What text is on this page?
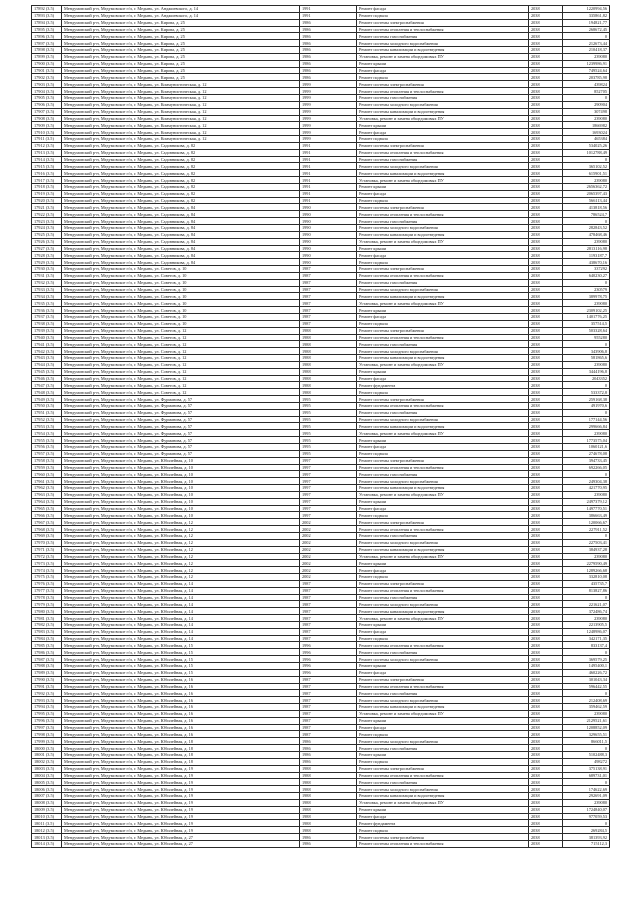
17892 (3.5)	Мендумовский р-н, Медумовское г/п, г. Медынь, ул. Анджиевского, д. 14	1991	Ремонт фасада	2038	1220994,56
17893 (3.5)	Мендумовский р-н, Медумовское г/п, г. Медынь, ул. Анджиевского, д. 14	1991	Ремонт подвала	2038	335861,82
17894 (3.5)	Мендумовский р-н, Медумовское г/п, г. Медынь, ул. Кирова, д. 25	1986	Ремонт системы электроснабжения	2038	194821,77
17895 (3.5)	Мендумовский р-н, Медумовское г/п, г. Медынь, ул. Кирова, д. 25	1986	Ремонт системы отопления и теплоснабжения	2038	268672,45
17896 (3.5)	Мендумовский р-н, Медумовское г/п, г. Медынь, ул. Кирова, д. 25	1986	Ремонт системы газоснабжения	2038	0
17897 (3.5)	Мендумовский р-н, Медумовское г/п, г. Медынь, ул. Кирова, д. 25	1986	Ремонт системы холодного водоснабжения	2038	212673,44
17898 (3.5)	Мендумовский р-н, Медумовское г/п, г. Медынь, ул. Кирова, д. 25	1986	Ремонт системы канализации и водоотведения	2038	210418,37
17899 (3.5)	Мендумовский р-н, Медумовское г/п, г. Медынь, ул. Кирова, д. 25	1986	Установка, ремонт и замена общедомовых ПУ	2038	239080
17900 (3.5)	Мендумовский р-н, Медумовское г/п, г. Медынь, ул. Кирова, д. 25	1986	Ремонт крыши	2038	1239986,91
17901 (3.5)	Мендумовский р-н, Медумовское г/п, г. Медынь, ул. Кирова, д. 25	1986	Ремонт фасада	2038	749524,64
17902 (3.5)	Мендумовский р-н, Медумовское г/п, г. Медынь, ул. Кирова, д. 25	1986	Ремонт подвала	2038	203785,98
17903 (3.5)	Мендумовский р-н, Медумовское г/п, г. Медынь, ул. Коммунистическая, д. 12	1999	Ремонт системы электроснабжения	2038	439824
17904 (3.5)	Мендумовский р-н, Медумовское г/п, г. Медынь, ул. Коммунистическая, д. 12	1999	Ремонт системы отопления и теплоснабжения	2038	852705
17905 (3.5)	Мендумовский р-н, Медумовское г/п, г. Медынь, ул. Коммунистическая, д. 12	1999	Ремонт системы газоснабжения	2038	0
17906 (3.5)	Мендумовский р-н, Медумовское г/п, г. Медынь, ул. Коммунистическая, д. 12	1999	Ремонт системы холодного водоснабжения	2038	290904
17907 (3.5)	Мендумовский р-н, Медумовское г/п, г. Медынь, ул. Коммунистическая, д. 12	1999	Ремонт системы канализации и водоотведения	2038	307498
17908 (3.5)	Мендумовский р-н, Медумовское г/п, г. Медынь, ул. Коммунистическая, д. 12	1999	Установка, ремонт и замена общедомовых ПУ	2038	239080
17909 (3.5)	Мендумовский р-н, Медумовское г/п, г. Медынь, ул. Коммунистическая, д. 12	1999	Ремонт крыши	2038	1866982
17910 (3.5)	Мендумовский р-н, Медумовское г/п, г. Медынь, ул. Коммунистическая, д. 12	1999	Ремонт фасада	2038	1693024
17911 (3.5)	Мендумовский р-н, Медумовское г/п, г. Медынь, ул. Коммунистическая, д. 12	1999	Ремонт подвала	2038	465384
17912 (3.5)	Мендумовский р-н, Медумовское г/п, г. Медынь, ул. Садовникова, д. 82	1991	Ремонт системы электроснабжения	2038	534025,26
17913 (3.5)	Мендумовский р-н, Медумовское г/п, г. Медынь, ул. Садовникова, д. 82	1991	Ремонт системы отопления и теплоснабжения	2038	1012788,49
17914 (3.5)	Мендумовский р-н, Медумовское г/п, г. Медынь, ул. Садовникова, д. 82	1991	Ремонт системы газоснабжения	2038	0
17915 (3.5)	Мендумовский р-н, Медумовское г/п, г. Медынь, ул. Садовникова, д. 82	1991	Ремонт системы холодного водоснабжения	2038	365102,52
17916 (3.5)	Мендумовский р-н, Медумовское г/п, г. Медынь, ул. Садовникова, д. 82	1991	Ремонт системы канализации и водоотведения	2038	615901,51
17917 (3.5)	Мендумовский р-н, Медумовское г/п, г. Медынь, ул. Садовникова, д. 82	1991	Установка, ремонт и замена общедомовых ПУ	2038	239080
17918 (3.5)	Мендумовский р-н, Медумовское г/п, г. Медынь, ул. Садовникова, д. 82	1991	Ремонт крыши	2038	2656362,72
17919 (3.5)	Мендумовский р-н, Медумовское г/п, г. Медынь, ул. Садовникова, д. 82	1991	Ремонт фасада	2038	2065397,43
17920 (3.5)	Мендумовский р-н, Медумовское г/п, г. Медынь, ул. Садовникова, д. 82	1991	Ремонт подвала	2038	566113,44
17921 (3.5)	Мендумовский р-н, Медумовское г/п, г. Медынь, ул. Садовникова, д. 84	1990	Ремонт системы электроснабжения	2038	413818,56
17922 (3.5)	Мендумовский р-н, Медумовское г/п, г. Медынь, ул. Садовникова, д. 84	1990	Ремонт системы отопления и теплоснабжения	2038	786524,7
17923 (3.5)	Мендумовский р-н, Медумовское г/п, г. Медынь, ул. Садовникова, д. 84	1990	Ремонт системы газоснабжения	2038	0
17924 (3.5)	Мендумовский р-н, Медумовское г/п, г. Медынь, ул. Садовникова, д. 84	1990	Ремонт системы холодного водоснабжения	2038	282843,52
17925 (3.5)	Мендумовский р-н, Медумовское г/п, г. Медынь, ул. Садовникова, д. 84	1990	Ремонт системы канализации и водоотведения	2038	478468,46
17926 (3.5)	Мендумовский р-н, Медумовское г/п, г. Медынь, ул. Садовникова, д. 84	1990	Установка, ремонт и замена общедомовых ПУ	2038	239080
17927 (3.5)	Мендумовский р-н, Медумовское г/п, г. Медынь, ул. Садовникова, д. 84	1990	Ремонт крыши	2038	2813116,98
17928 (3.5)	Мендумовский р-н, Медумовское г/п, г. Медынь, ул. Садовникова, д. 84	1990	Ремонт фасада	2038	1193187,7
17929 (3.5)	Мендумовский р-н, Медумовское г/п, г. Медынь, ул. Садовникова, д. 84	1990	Ремонт подвала	2038	438670,16
17930 (3.5)	Мендумовский р-н, Медумовское г/п, г. Медынь, ул. Советов, д. 10	1987	Ремонт системы электроснабжения	2038	337292
17931 (3.5)	Мендумовский р-н, Медумовское г/п, г. Медынь, ул. Советов, д. 10	1987	Ремонт системы отопления и теплоснабжения	2038	640230,27
17932 (3.5)	Мендумовский р-н, Медумовское г/п, г. Медынь, ул. Советов, д. 10	1987	Ремонт системы газоснабжения	2038	0
17933 (3.5)	Мендумовский р-н, Медумовское г/п, г. Медынь, ул. Советов, д. 10	1987	Ремонт системы холодного водоснабжения	2038	230579
17934 (3.5)	Мендумовский р-н, Медумовское г/п, г. Медынь, ул. Советов, д. 10	1987	Ремонт системы канализации и водоотведения	2038	389978,75
17935 (3.5)	Мендумовский р-н, Медумовское г/п, г. Медынь, ул. Советов, д. 10	1987	Установка, ремонт и замена общедомовых ПУ	2038	239080
17936 (3.5)	Мендумовский р-н, Медумовское г/п, г. Медынь, ул. Советов, д. 10	1987	Ремонт крыши	2038	2309102,25
17937 (3.5)	Мендумовский р-н, Медумовское г/п, г. Медынь, ул. Советов, д. 10	1987	Ремонт фасада	2038	1401776,25
17938 (3.5)	Мендумовский р-н, Медумовское г/п, г. Медынь, ул. Советов, д. 10	1987	Ремонт подвала	2038	357514,5
17939 (3.5)	Мендумовский р-н, Медумовское г/п, г. Медынь, ул. Советов, д. 12	1988	Ремонт системы электроснабжения	2038	503328,64
17940 (3.5)	Мендумовский р-н, Медумовское г/п, г. Медынь, ул. Советов, д. 12	1988	Ремонт системы отопления и теплоснабжения	2038	955280
17941 (3.5)	Мендумовский р-н, Медумовское г/п, г. Медынь, ул. Советов, д. 12	1988	Ремонт системы газоснабжения	2038	0
17942 (3.5)	Мендумовский р-н, Медумовское г/п, г. Медынь, ул. Советов, д. 12	1988	Ремонт системы холодного водоснабжения	2038	343906,8
17943 (3.5)	Мендумовский р-н, Медумовское г/п, г. Медынь, ул. Советов, д. 12	1988	Ремонт системы канализации и водоотведения	2038	581865,6
17944 (3.5)	Мендумовский р-н, Медумовское г/п, г. Медынь, ул. Советов, д. 12	1988	Установка, ремонт и замена общедомовых ПУ	2038	239080
17945 (3.5)	Мендумовский р-н, Медумовское г/п, г. Медынь, ул. Советов, д. 12	1988	Ремонт крыши	2038	3444196,8
17946 (3.5)	Мендумовский р-н, Медумовское г/п, г. Медынь, ул. Советов, д. 12	1988	Ремонт фасада	2038	2043352
17947 (3.5)	Мендумовский р-н, Медумовское г/п, г. Медынь, ул. Советов, д. 12	1988	Ремонт фундамента	2038	0
17948 (3.5)	Мендумовский р-н, Медумовское г/п, г. Медынь, ул. Советов, д. 12	1988	Ремонт подвала	2038	533372,8
17949 (3.5)	Мендумовский р-н, Медумовское г/п, г. Медынь, ул. Фурманова, д. 57	1995	Ремонт системы электроснабжения	2038	259168,38
17950 (3.5)	Мендумовский р-н, Медумовское г/п, г. Медынь, ул. Фурманова, д. 57	1995	Ремонт системы отопления и теплоснабжения	2038	491970,6
17951 (3.5)	Мендумовский р-н, Медумовское г/п, г. Медынь, ул. Фурманова, д. 57	1995	Ремонт системы газоснабжения	2038	0
17952 (3.5)	Мендумовский р-н, Медумовское г/п, г. Медынь, ул. Фурманова, д. 57	1995	Ремонт системы холодного водоснабжения	2038	177144,56
17953 (3.5)	Мендумовский р-н, Медумовское г/п, г. Медынь, ул. Фурманова, д. 57	1995	Ремонт системы канализации и водоотведения	2038	299666,84
17954 (3.5)	Мендумовский р-н, Медумовское г/п, г. Медынь, ул. Фурманова, д. 57	1995	Установка, ремонт и замена общедомовых ПУ	2038	239080
17955 (3.5)	Мендумовский р-н, Медумовское г/п, г. Медынь, ул. Фурманова, д. 57	1995	Ремонт крыши	2038	1773575,04
17956 (3.5)	Мендумовский р-н, Медумовское г/п, г. Медынь, ул. Фурманова, д. 57	1995	Ремонт фасада	2038	1060121,6
17957 (3.5)	Мендумовский р-н, Медумовское г/п, г. Медынь, ул. Фурманова, д. 57	1995	Ремонт подвала	2038	274678,08
17958 (3.5)	Мендумовский р-н, Медумовское г/п, г. Медынь, ул. Юбилейная, д. 10	1997	Ремонт системы электроснабжения	2038	394733,45
17959 (3.5)	Мендумовский р-н, Медумовское г/п, г. Медынь, ул. Юбилейная, д. 10	1997	Ремонт системы отопления и теплоснабжения	2038	692266,05
17960 (3.5)	Мендумовский р-н, Медумовское г/п, г. Медынь, ул. Юбилейная, д. 10	1997	Ремонт системы газоснабжения	2038	0
17961 (3.5)	Мендумовский р-н, Медумовское г/п, г. Медынь, ул. Юбилейная, д. 10	1997	Ремонт системы холодного водоснабжения	2038	249304,38
17962 (3.5)	Мендумовский р-н, Медумовское г/п, г. Медынь, ул. Юбилейная, д. 10	1997	Ремонт системы канализации и водоотведения	2038	421770,95
17963 (3.5)	Мендумовский р-н, Медумовское г/п, г. Медынь, ул. Юбилейная, д. 10	1997	Установка, ремонт и замена общедомовых ПУ	2038	239080
17964 (3.5)	Мендумовский р-н, Медумовское г/п, г. Медынь, ул. Юбилейная, д. 10	1997	Ремонт крыши	2038	2497379,12
17965 (3.5)	Мендумовский р-н, Медумовское г/п, г. Медынь, ул. Юбилейная, д. 10	1997	Ремонт фасада	2038	1497770,51
17966 (3.5)	Мендумовский р-н, Медумовское г/п, г. Медынь, ул. Юбилейная, д. 10	1997	Ремонт подвала	2038	386663,49
17967 (3.5)	Мендумовский р-н, Медумовское г/п, г. Медынь, ул. Юбилейная, д. 12	2002	Ремонт системы электроснабжения	2038	120066,67
17968 (3.5)	Мендумовский р-н, Медумовское г/п, г. Медынь, ул. Юбилейная, д. 12	2002	Ремонт системы отопления и теплоснабжения	2038	227911,52
17969 (3.5)	Мендумовский р-н, Медумовское г/п, г. Медынь, ул. Юбилейная, д. 12	2002	Ремонт системы газоснабжения	2038	0
17970 (3.5)	Мендумовский р-н, Медумовское г/п, г. Медынь, ул. Юбилейная, д. 12	2002	Ремонт системы холодного водоснабжения	2038	227503,41
17971 (3.5)	Мендумовский р-н, Медумовское г/п, г. Медынь, ул. Юбилейная, д. 12	2002	Ремонт системы канализации и водоотведения	2038	384937,28
17972 (3.5)	Мендумовский р-н, Медумовское г/п, г. Медынь, ул. Юбилейная, д. 12	2002	Установка, ремонт и замена общедомовых ПУ	2038	239080
17973 (3.5)	Мендумовский р-н, Медумовское г/п, г. Медынь, ул. Юбилейная, д. 12	2002	Ремонт крыши	2038	2279590,49
17974 (3.5)	Мендумовский р-н, Медумовское г/п, г. Медынь, ул. Юбилейная, д. 12	2002	Ремонт фасада	2038	1289266,68
17975 (3.5)	Мендумовский р-н, Медумовское г/п, г. Медынь, ул. Юбилейная, д. 12	2002	Ремонт подвала	2038	332810,08
17976 (3.5)	Мендумовский р-н, Медумовское г/п, г. Медынь, ул. Юбилейная, д. 14	1987	Ремонт системы электроснабжения	2038	435735,7
17977 (3.5)	Мендумовский р-н, Медумовское г/п, г. Медынь, ул. Юбилейная, д. 14	1987	Ремонт системы отопления и теплоснабжения	2038	813827,86
17978 (3.5)	Мендумовский р-н, Медумовское г/п, г. Медынь, ул. Юбилейная, д. 14	1987	Ремонт системы газоснабжения	2038	0
17979 (3.5)	Мендумовский р-н, Медумовское г/п, г. Медынь, ул. Юбилейная, д. 14	1987	Ремонт системы холодного водоснабжения	2038	221621,07
17980 (3.5)	Мендумовский р-н, Медумовское г/п, г. Медынь, ул. Юбилейная, д. 14	1987	Ремонт системы канализации и водоотведения	2038	372486,74
17981 (3.5)	Мендумовский р-н, Медумовское г/п, г. Медынь, ул. Юбилейная, д. 14	1987	Установка, ремонт и замена общедомовых ПУ	2038	239080
17982 (3.5)	Мендумовский р-н, Медумовское г/п, г. Медынь, ул. Юбилейная, д. 14	1987	Ремонт крыши	2038	2213905,5
17983 (3.5)	Мендумовский р-н, Медумовское г/п, г. Медынь, ул. Юбилейная, д. 14	1987	Ремонт фасада	2038	1248986,07
17984 (3.5)	Мендумовский р-н, Медумовское г/п, г. Медынь, ул. Юбилейная, д. 14	1987	Ремонт подвала	2038	342171,35
17985 (3.5)	Мендумовский р-н, Медумовское г/п, г. Медынь, ул. Юбилейная, д. 15	1996	Ремонт системы отопления и теплоснабжения	2038	833137,4
17986 (3.5)	Мендумовский р-н, Медумовское г/п, г. Медынь, ул. Юбилейная, д. 15	1996	Ремонт системы газоснабжения	2038	0
17987 (3.5)	Мендумовский р-н, Медумовское г/п, г. Медынь, ул. Юбилейная, д. 15	1996	Ремонт системы холодного водоснабжения	2038	369579,25
17988 (3.5)	Мендумовский р-н, Медумовское г/п, г. Медынь, ул. Юбилейная, д. 15	1996	Ремонт крыши	2038	1495400,1
17989 (3.5)	Мендумовский р-н, Медумовское г/п, г. Медынь, ул. Юбилейная, д. 15	1996	Ремонт фасада	2038	460226,72
17990 (3.5)	Мендумовский р-н, Медумовское г/п, г. Медынь, ул. Юбилейная, д. 16	1987	Ремонт системы электроснабжения	2038	301043,34
17991 (3.5)	Мендумовский р-н, Медумовское г/п, г. Медынь, ул. Юбилейная, д. 16	1987	Ремонт системы отопления и теплоснабжения	2038	596442,55
17992 (3.5)	Мендумовский р-н, Медумовское г/п, г. Медынь, ул. Юбилейная, д. 16	1987	Ремонт системы газоснабжения	2038	0
17993 (3.5)	Мендумовский р-н, Медумовское г/п, г. Медынь, ул. Юбилейная, д. 16	1987	Ремонт системы холодного водоснабжения	2038	212408,69
17994 (3.5)	Мендумовский р-н, Медумовское г/п, г. Медынь, ул. Юбилейная, д. 16	1987	Ремонт системы канализации и водоотведения	2038	359462,59
17995 (3.5)	Мендумовский р-н, Медумовское г/п, г. Медынь, ул. Юбилейная, д. 16	1987	Установка, ремонт и замена общедомовых ПУ	2038	239080
17996 (3.5)	Мендумовский р-н, Медумовское г/п, г. Медынь, ул. Юбилейная, д. 16	1987	Ремонт крыши	2038	2129521,61
17997 (3.5)	Мендумовский р-н, Медумовское г/п, г. Медынь, ул. Юбилейная, д. 16	1987	Ремонт фасада	2038	1208852,09
17998 (3.5)	Мендумовский р-н, Медумовское г/п, г. Медынь, ул. Юбилейная, д. 16	1987	Ремонт подвала	2038	329655,51
17999 (3.5)	Мендумовский р-н, Медумовское г/п, г. Медынь, ул. Юбилейная, д. 18	1986	Ремонт системы холодного водоснабжения	2038	866011,5
18000 (3.5)	Мендумовский р-н, Медумовское г/п, г. Медынь, ул. Юбилейная, д. 18	1986	Ремонт системы газоснабжения	2038	0
18001 (3.5)	Мендумовский р-н, Медумовское г/п, г. Медынь, ул. Юбилейная, д. 18	1986	Ремонт крыши	2038	5102488,3
18002 (3.5)	Мендумовский р-н, Медумовское г/п, г. Медынь, ул. Юбилейная, д. 18	1986	Ремонт подвала	2038	498272
18003 (3.5)	Мендумовский р-н, Медумовское г/п, г. Медынь, ул. Юбилейная, д. 19	1988	Ремонт системы электроснабжения	2038	375138,91
18004 (3.5)	Мендумовский р-н, Медумовское г/п, г. Медынь, ул. Юбилейная, д. 19	1988	Ремонт системы отопления и теплоснабжения	2038	689731,01
18005 (3.5)	Мендумовский р-н, Медумовское г/п, г. Медынь, ул. Юбилейная, д. 19	1988	Ремонт системы газоснабжения	2038	0
18006 (3.5)	Мендумовский р-н, Медумовское г/п, г. Медынь, ул. Юбилейная, д. 19	1988	Ремонт системы холодного водоснабжения	2038	174622,69
18007 (3.5)	Мендумовский р-н, Медумовское г/п, г. Медынь, ул. Юбилейная, д. 19	1988	Ремонт системы канализации и водоотведения	2038	292691,09
18008 (3.5)	Мендумовский р-н, Медумовское г/п, г. Медынь, ул. Юбилейная, д. 19	1988	Установка, ремонт и замена общедомовых ПУ	2038	239080
18009 (3.5)	Мендумовский р-н, Медумовское г/п, г. Медынь, ул. Юбилейная, д. 19	1988	Ремонт крыши	2038	1724840,07
18010 (3.5)	Мендумовский р-н, Медумовское г/п, г. Медынь, ул. Юбилейная, д. 19	1988	Ремонт фасада	2038	977059,53
18011 (3.5)	Мендумовский р-н, Медумовское г/п, г. Медынь, ул. Юбилейная, д. 19	1988	Ремонт фундамента	2038	0
18012 (3.5)	Мендумовский р-н, Медумовское г/п, г. Медынь, ул. Юбилейная, д. 19	1988	Ремонт подвала	2038	269284,5
18013 (3.5)	Мендумовский р-н, Медумовское г/п, г. Медынь, ул. Юбилейная, д. 27	1986	Ремонт системы электроснабжения	2038	381393,92
18014 (3.5)	Мендумовский р-н, Медумовское г/п, г. Медынь, ул. Юбилейная, д. 27	1986	Ремонт системы отопления и теплоснабжения	2038	715112,3
